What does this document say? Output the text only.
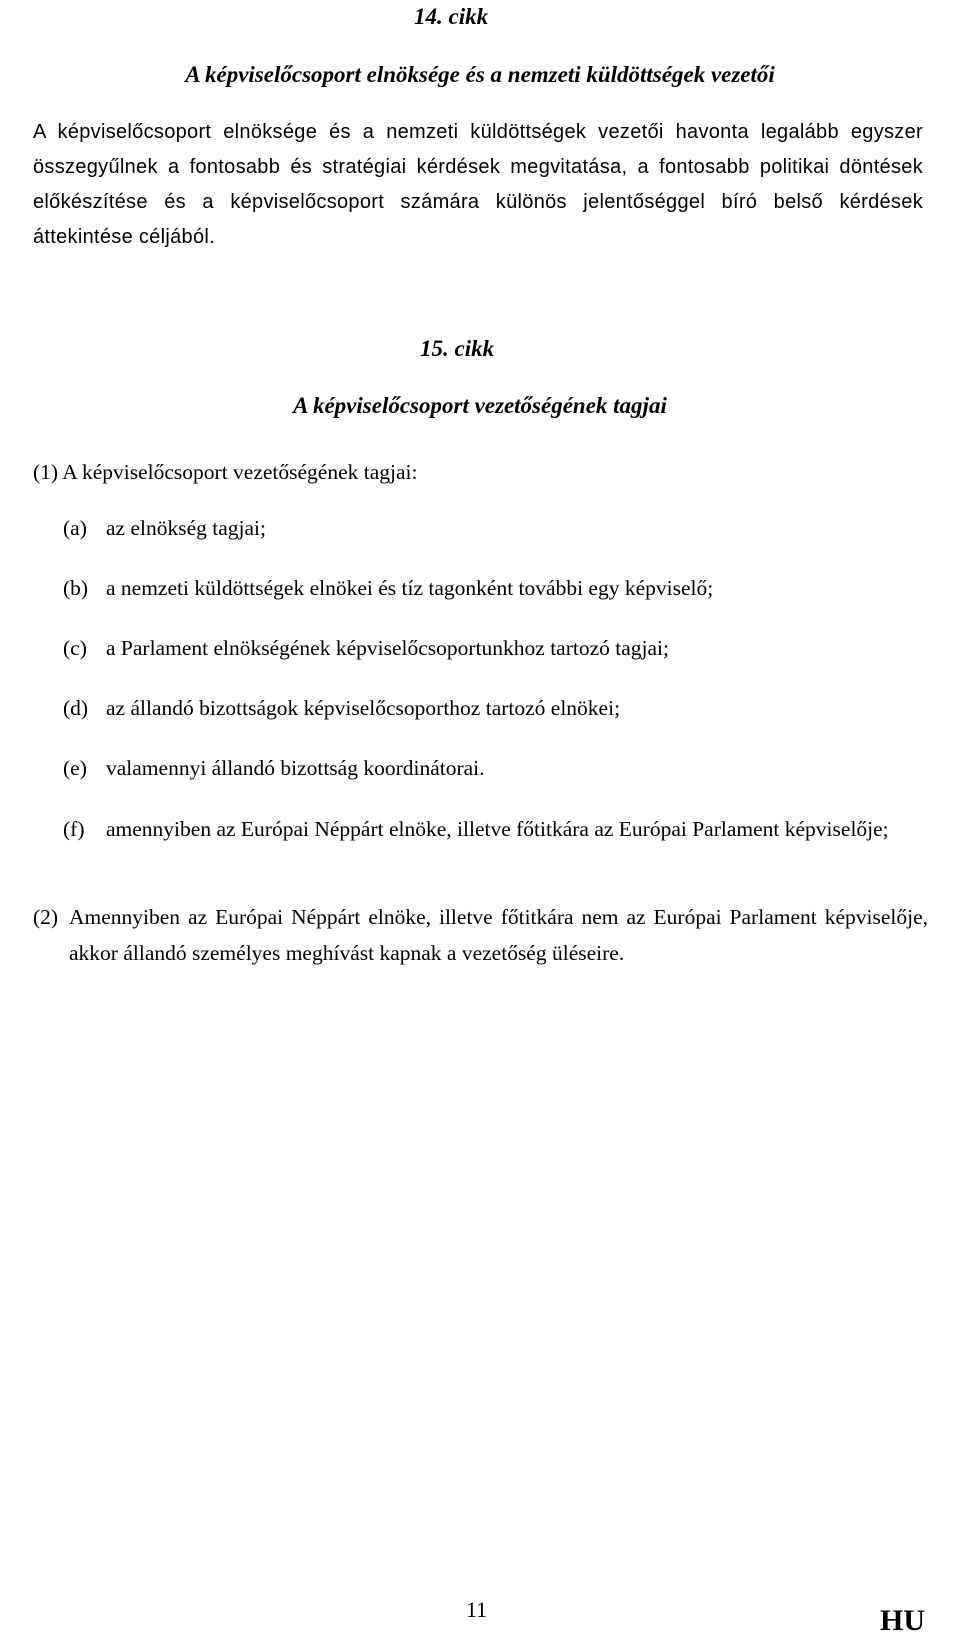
14. cikk
A képviselőcsoport elnöksége és a nemzeti küldöttségek vezetői
A képviselőcsoport elnöksége és a nemzeti küldöttségek vezetői havonta legalább egyszer összegyűlnek a fontosabb és stratégiai kérdések megvitatása, a fontosabb politikai döntések előkészítése és a képviselőcsoport számára különös jelentőséggel bíró belső kérdések áttekintése céljából.
15. cikk
A képviselőcsoport vezetőségének tagjai
(1) A képviselőcsoport vezetőségének tagjai:
(a) az elnökség tagjai;
(b) a nemzeti küldöttségek elnökei és tíz tagonként további egy képviselő;
(c) a Parlament elnökségének képviselőcsoportunkhoz tartozó tagjai;
(d) az állandó bizottságok képviselőcsoporthoz tartozó elnökei;
(e) valamennyi állandó bizottság koordinátorai.
(f) amennyiben az Európai Néppárt elnöke, illetve főtitkára az Európai Parlament képviselője;
(2) Amennyiben az Európai Néppárt elnöke, illetve főtitkára nem az Európai Parlament képviselője, akkor állandó személyes meghívást kapnak a vezetőség üléseire.
11	HU
